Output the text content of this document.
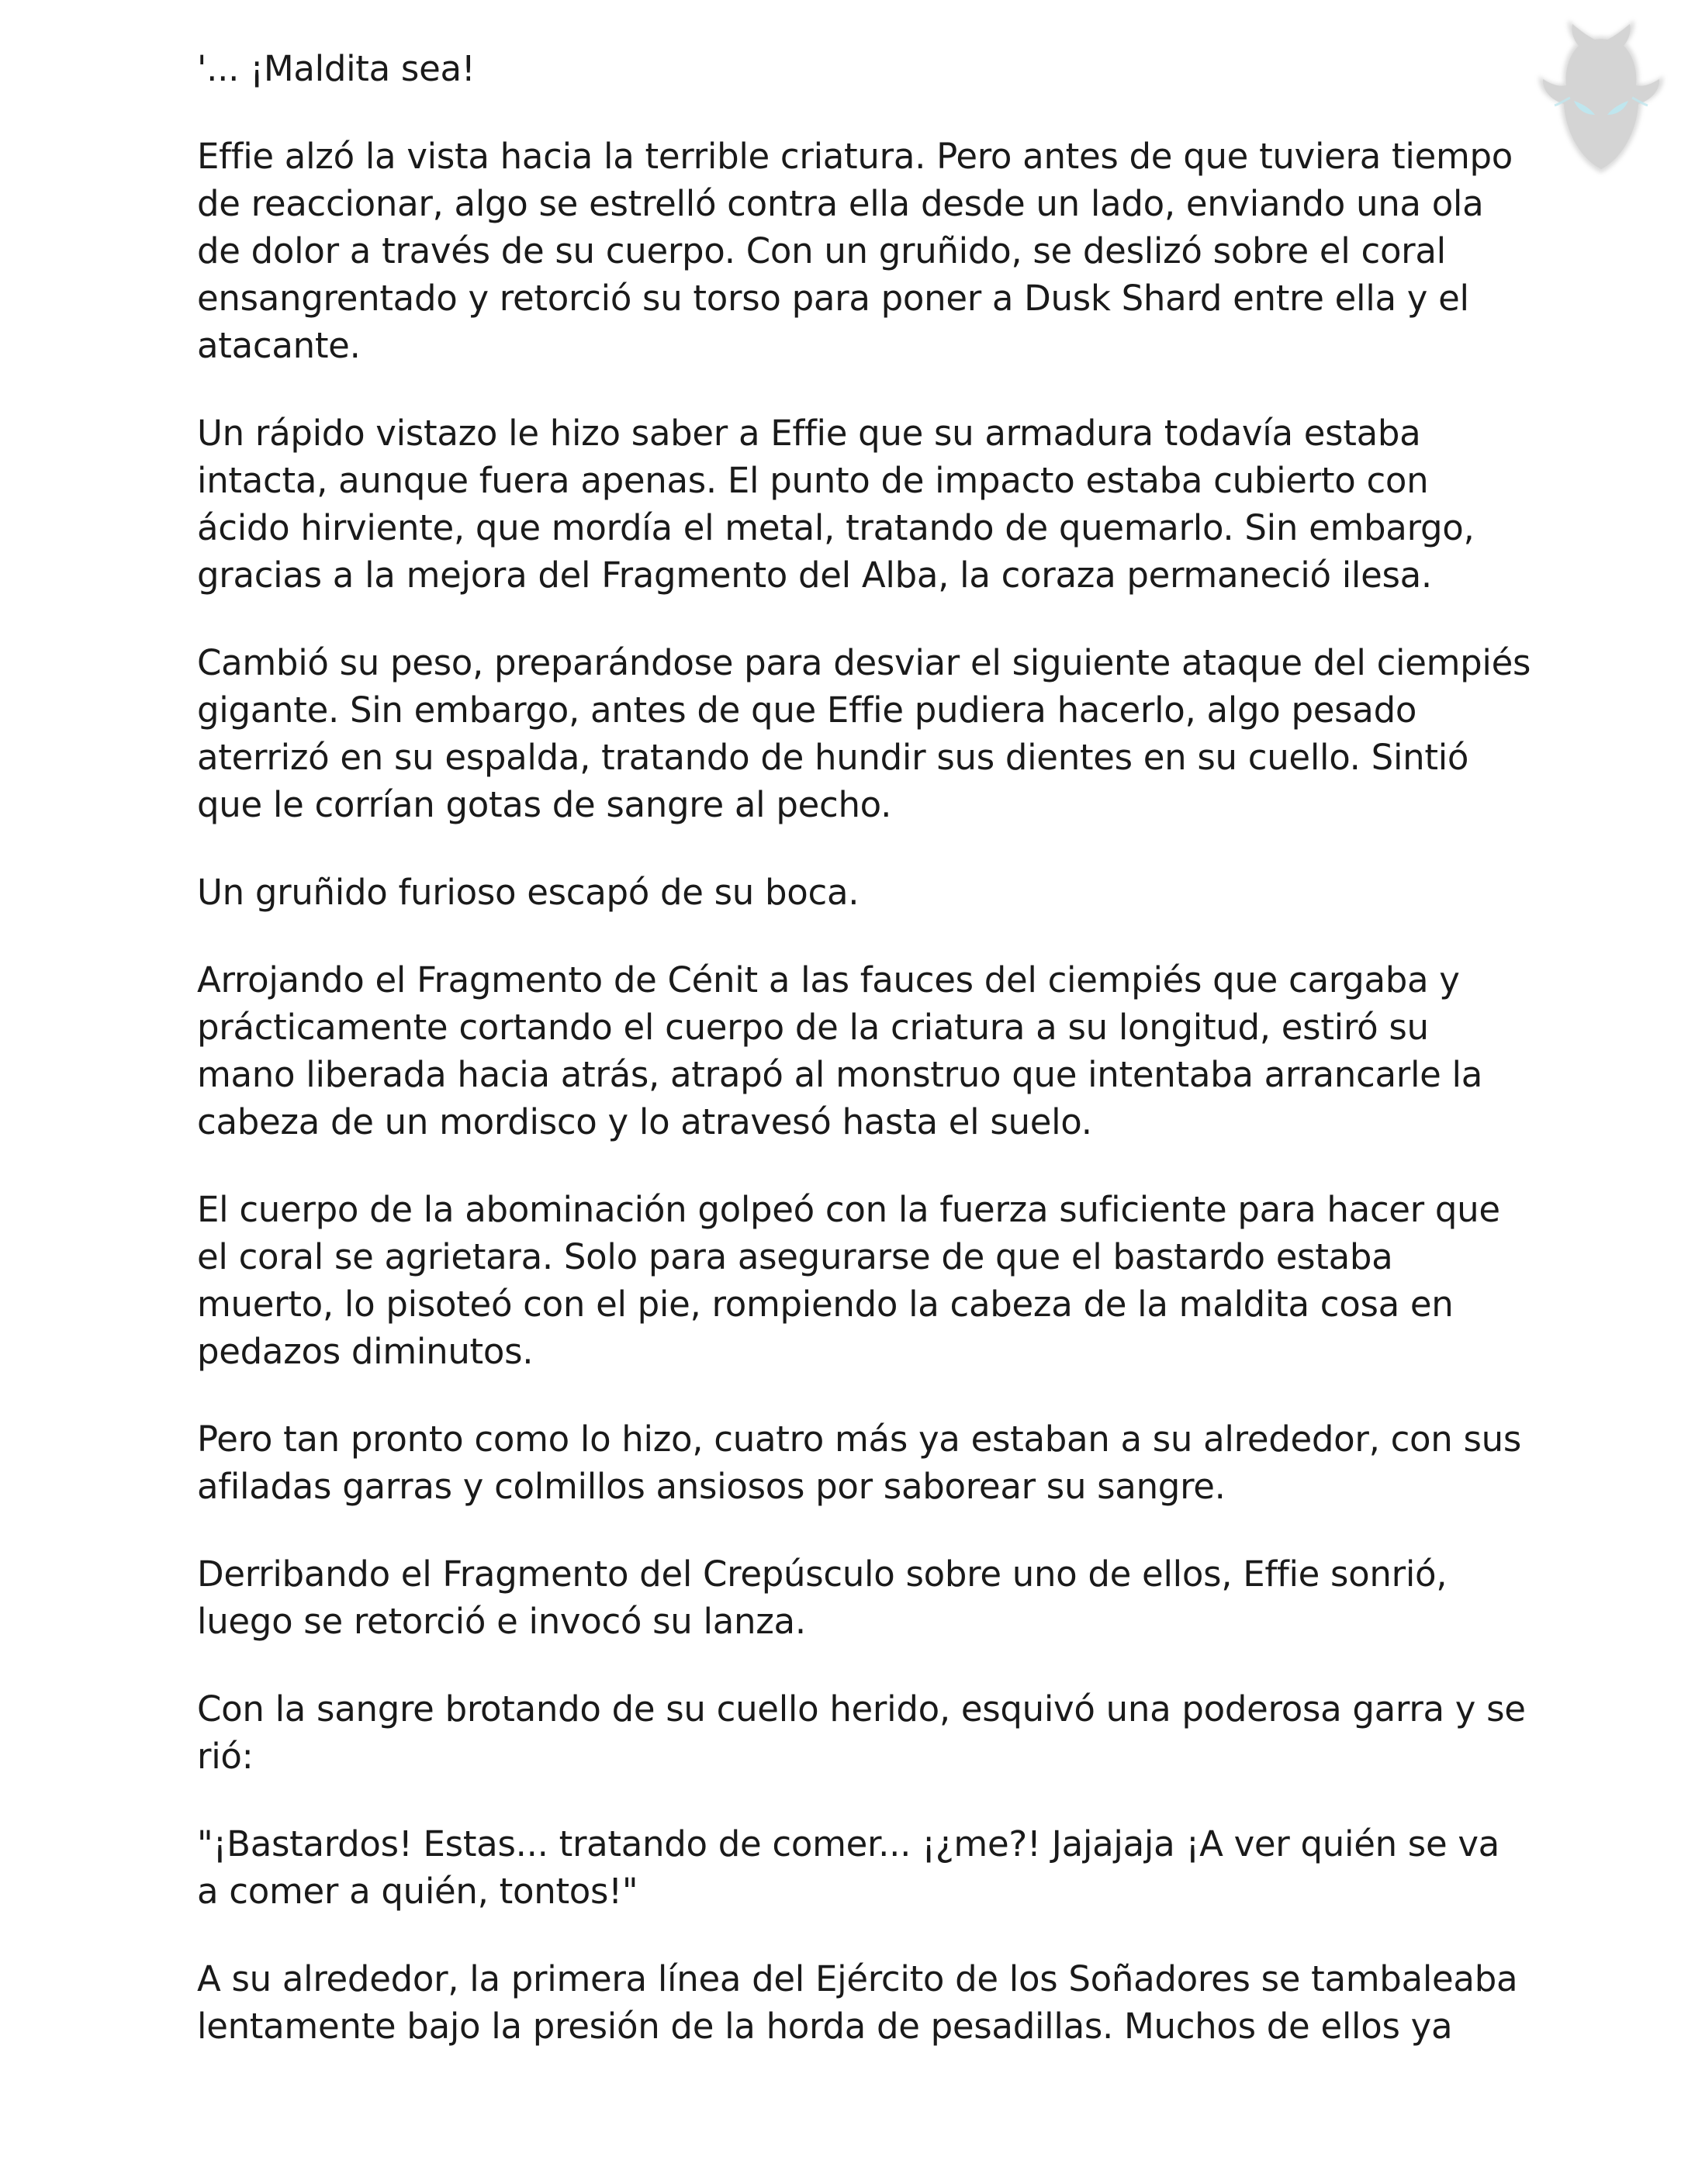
'... ¡Maldita sea!

Effie alzó la vista hacia la terrible criatura. Pero antes de que tuviera tiempo de reaccionar, algo se estrelló contra ella desde un lado, enviando una ola de dolor a través de su cuerpo. Con un gruñido, se deslizó sobre el coral ensangrentado y retorció su torso para poner a Dusk Shard entre ella y el atacante.

Un rápido vistazo le hizo saber a Effie que su armadura todavía estaba intacta, aunque fuera apenas. El punto de impacto estaba cubierto con ácido hirviente, que mordía el metal, tratando de quemarlo. Sin embargo, gracias a la mejora del Fragmento del Alba, la coraza permaneció ilesa.

Cambió su peso, preparándose para desviar el siguiente ataque del ciempiés gigante. Sin embargo, antes de que Effie pudiera hacerlo, algo pesado aterrizó en su espalda, tratando de hundir sus dientes en su cuello. Sintió que le corrían gotas de sangre al pecho.

Un gruñido furioso escapó de su boca.

Arrojando el Fragmento de Cénit a las fauces del ciempiés que cargaba y prácticamente cortando el cuerpo de la criatura a su longitud, estiró su mano liberada hacia atrás, atrapó al monstruo que intentaba arrancarle la cabeza de un mordisco y lo atravesó hasta el suelo.

El cuerpo de la abominación golpeó con la fuerza suficiente para hacer que el coral se agrietara. Solo para asegurarse de que el bastardo estaba muerto, lo pisoteó con el pie, rompiendo la cabeza de la maldita cosa en pedazos diminutos.

Pero tan pronto como lo hizo, cuatro más ya estaban a su alrededor, con sus afiladas garras y colmillos ansiosos por saborear su sangre.

Derribando el Fragmento del Crepúsculo sobre uno de ellos, Effie sonrió, luego se retorció e invocó su lanza.

Con la sangre brotando de su cuello herido, esquivó una poderosa garra y se rió:

"¡Bastardos! Estas... tratando de comer... ¡¿me?! Jajajaja ¡A ver quién se va a comer a quién, tontos!"

A su alrededor, la primera línea del Ejército de los Soñadores se tambaleaba lentamente bajo la presión de la horda de pesadillas. Muchos de ellos ya
